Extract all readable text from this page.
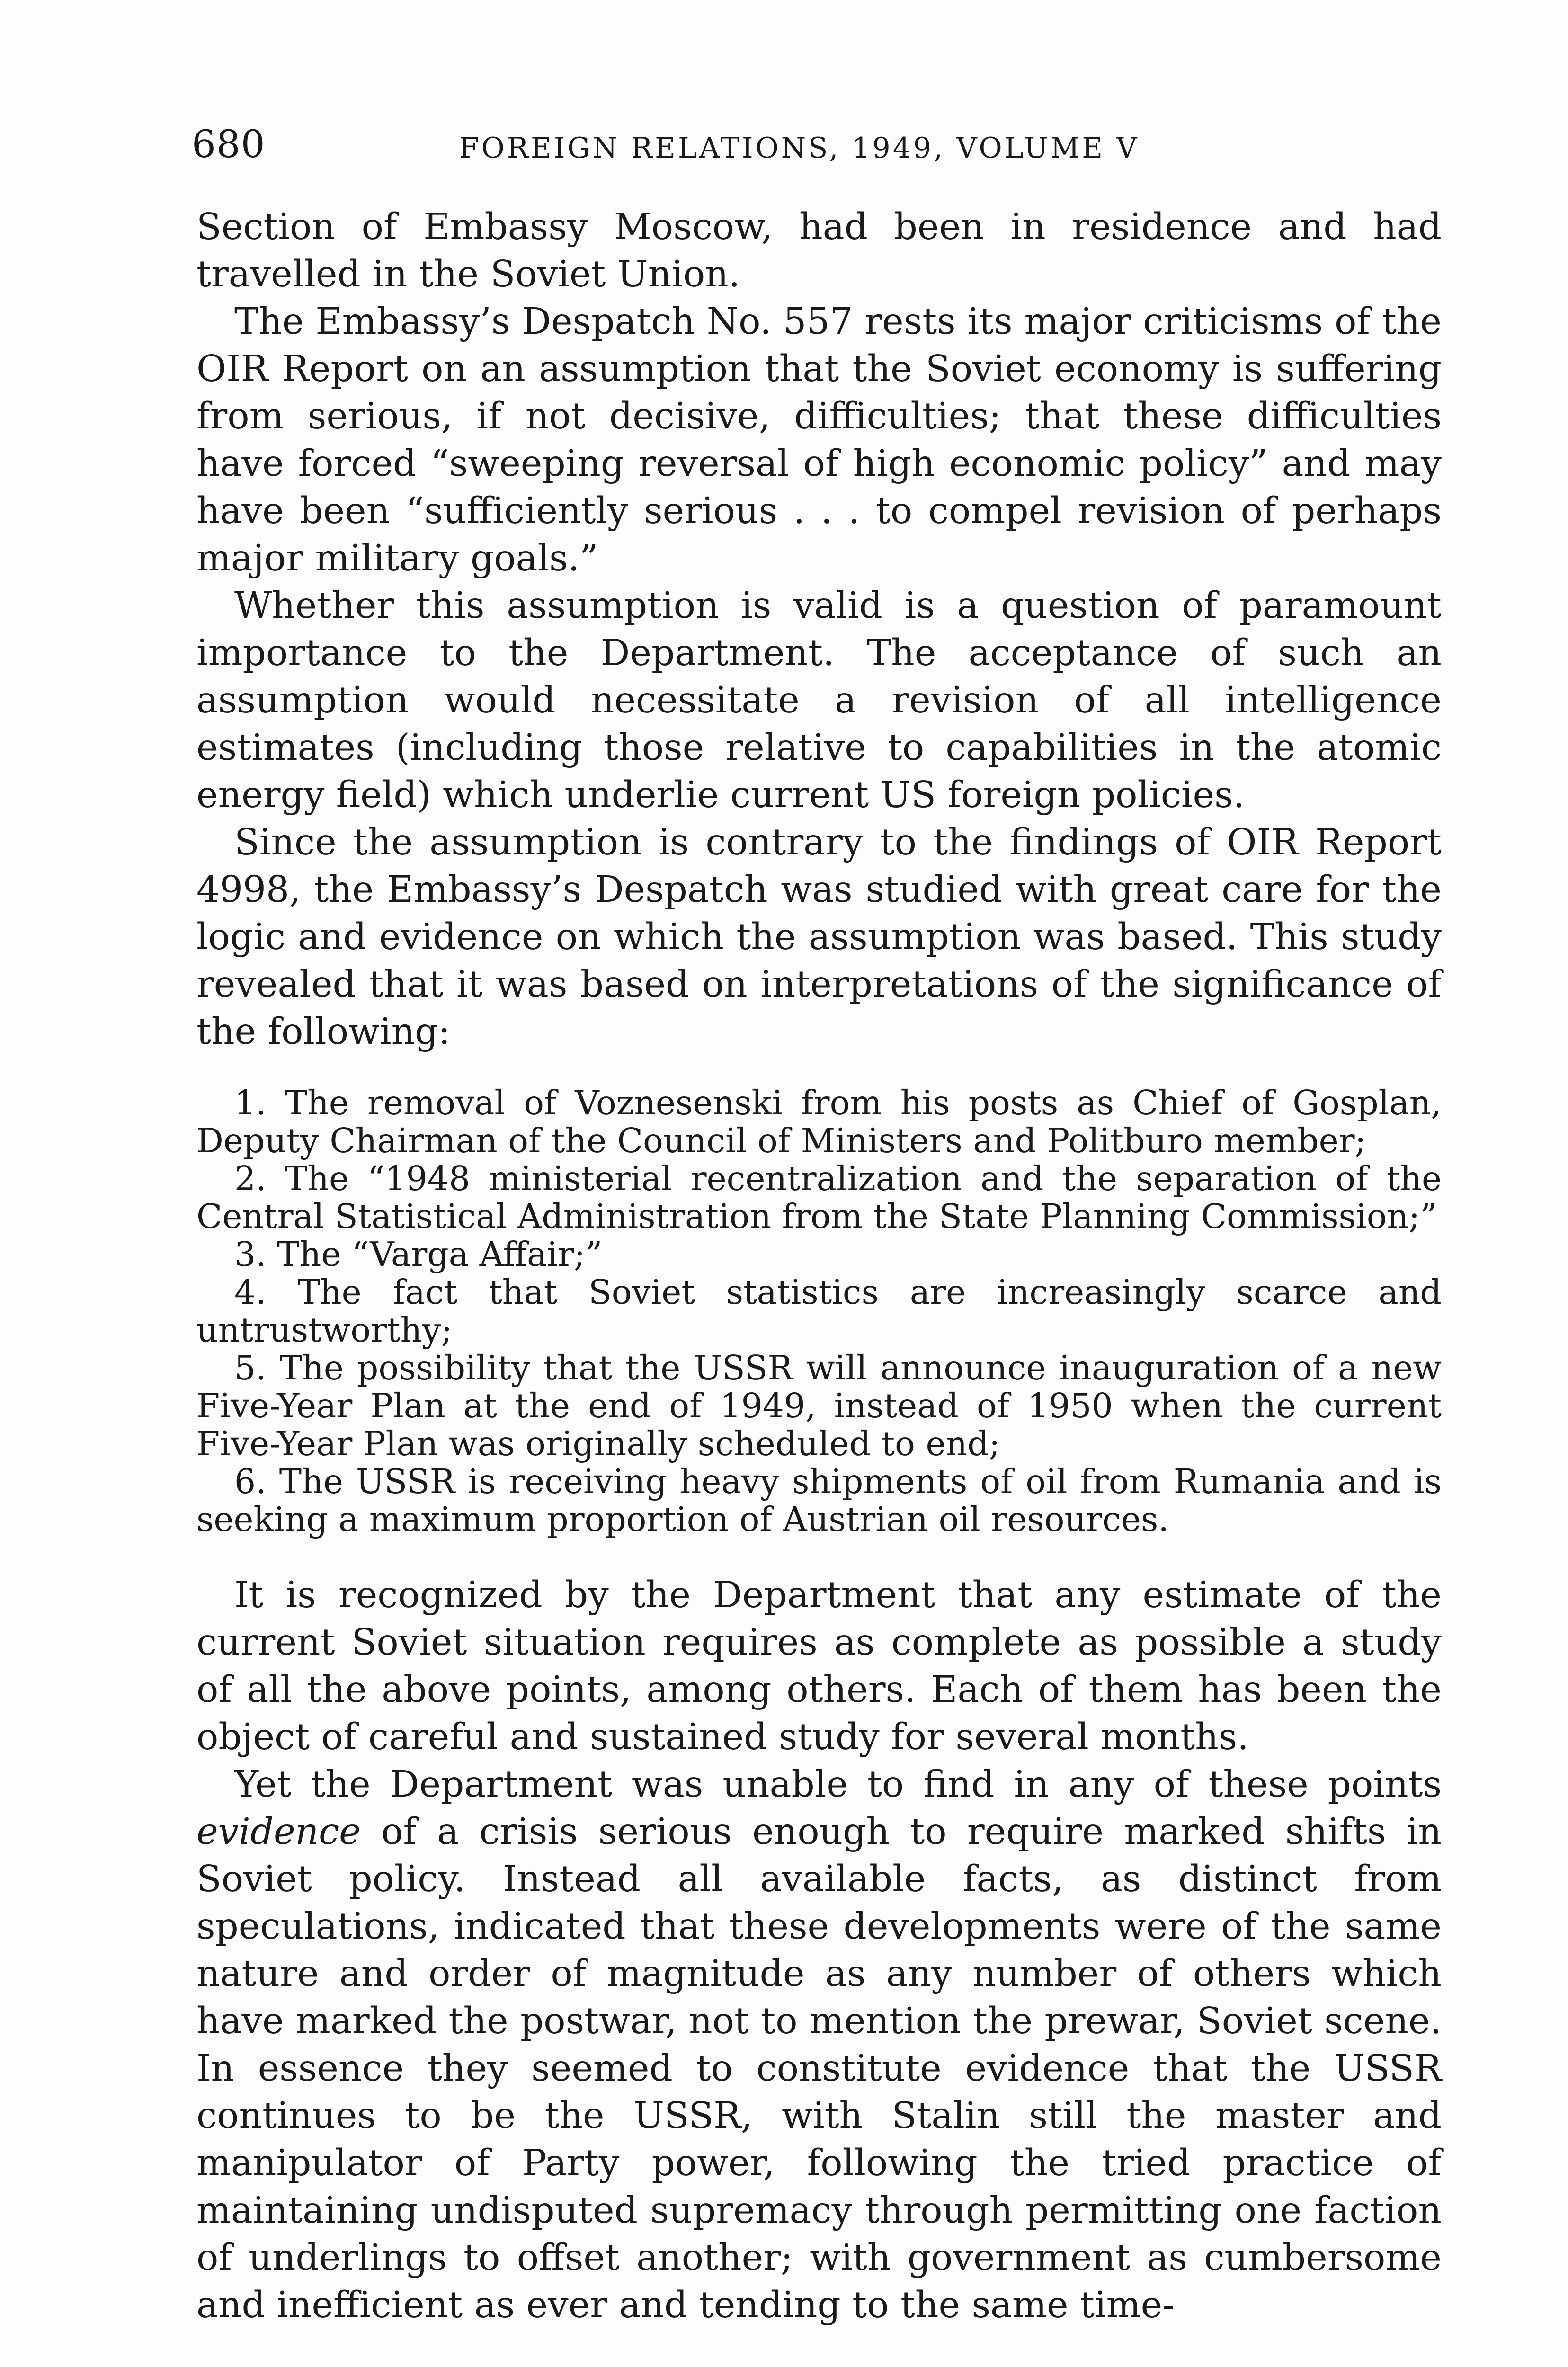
680	FOREIGN RELATIONS, 1949, VOLUME V

Section of Embassy Moscow, had been in residence and had travelled in the Soviet Union.

The Embassy’s Despatch No. 557 rests its major criticisms of the OIR Report on an assumption that the Soviet economy is suffering from serious, if not decisive, difficulties; that these difficulties have forced “sweeping reversal of high economic policy” and may have been “sufficiently serious . . . to compel revision of perhaps major military goals.”

Whether this assumption is valid is a question of paramount importance to the Department. The acceptance of such an assumption would necessitate a revision of all intelligence estimates (including those relative to capabilities in the atomic energy field) which underlie current US foreign policies.

Since the assumption is contrary to the findings of OIR Report 4998, the Embassy’s Despatch was studied with great care for the logic and evidence on which the assumption was based. This study revealed that it was based on interpretations of the significance of the following:

1. The removal of Voznesenski from his posts as Chief of Gosplan, Deputy Chairman of the Council of Ministers and Politburo member;

2. The “1948 ministerial recentralization and the separation of the Central Statistical Administration from the State Planning Commission;”

3. The “Varga Affair;”

4. The fact that Soviet statistics are increasingly scarce and untrustworthy;

5. The possibility that the USSR will announce inauguration of a new Five-Year Plan at the end of 1949, instead of 1950 when the current Five-Year Plan was originally scheduled to end;

6. The USSR is receiving heavy shipments of oil from Rumania and is seeking a maximum proportion of Austrian oil resources.

It is recognized by the Department that any estimate of the current Soviet situation requires as complete as possible a study of all the above points, among others. Each of them has been the object of careful and sustained study for several months.

Yet the Department was unable to find in any of these points evidence of a crisis serious enough to require marked shifts in Soviet policy. Instead all available facts, as distinct from speculations, indicated that these developments were of the same nature and order of magnitude as any number of others which have marked the postwar, not to mention the prewar, Soviet scene. In essence they seemed to constitute evidence that the USSR continues to be the USSR, with Stalin still the master and manipulator of Party power, following the tried practice of maintaining undisputed supremacy through permitting one faction of underlings to offset another; with government as cumbersome and inefficient as ever and tending to the same time-
